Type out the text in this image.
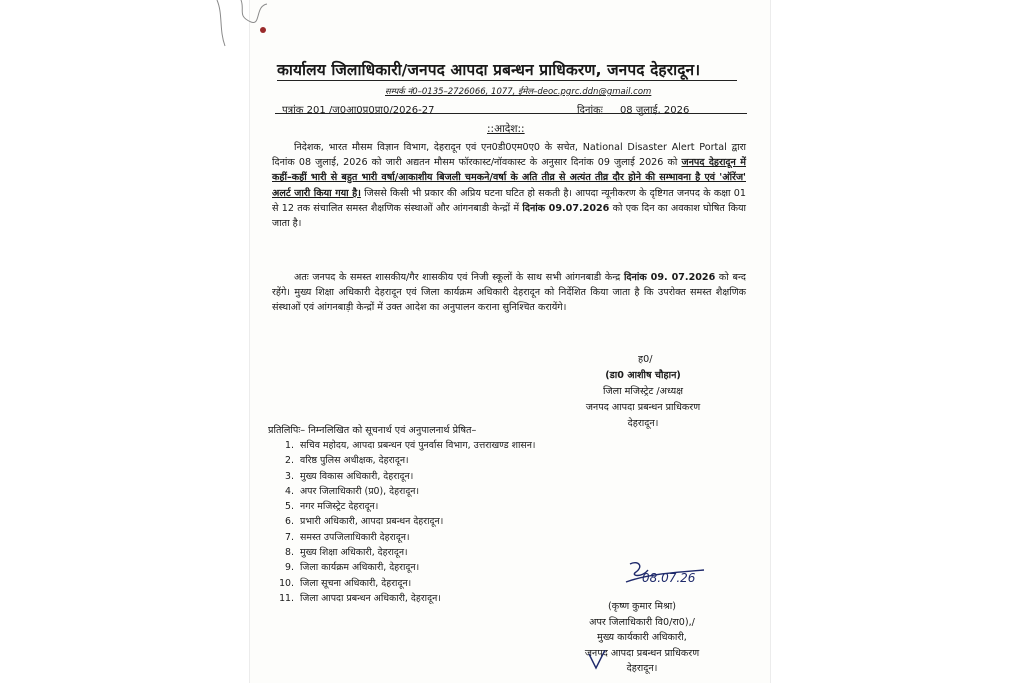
कार्यालय जिलाधिकारी/जनपद आपदा प्रबन्धन प्राधिकरण, जनपद देहरादून।
सम्पर्क नं0–0135–2726066, 1077, ईमेल–deoc.pgrc.ddn@gmail.com
पत्रांक 201 /ज0आ0प्र0प्रा0/2026-27	दिनांकः 08 जुलाई, 2026
::आदेश::
निदेशक, भारत मौसम विज्ञान विभाग, देहरादून एवं एन0डी0एम0ए0 के सचेत, National Disaster Alert Portal द्वारा दिनांक 08 जुलाई, 2026 को जारी अद्यतन मौसम फॉरकास्ट/नॉवकास्ट के अनुसार दिनांक 09 जुलाई 2026 को जनपद देहरादून में कहीं–कहीं भारी से बहुत भारी वर्षा/आकाशीय बिजली चमकने/वर्षा के अति तीव्र से अत्यंत तीव्र दौर होने की सम्भावना है एवं 'ऑरेंज' अलर्ट जारी किया गया है। जिससे किसी भी प्रकार की अप्रिय घटना घटित हो सकती है। आपदा न्यूनीकरण के दृष्टिगत जनपद के कक्षा 01 से 12 तक संचालित समस्त शैक्षणिक संस्थाओं और आंगनबाडी केन्द्रों में दिनांक 09.07.2026 को एक दिन का अवकाश घोषित किया जाता है।
अतः जनपद के समस्त शासकीय/गैर शासकीय एवं निजी स्कूलों के साथ सभी आंगनबाडी केन्द्र दिनांक 09. 07.2026 को बन्द रहेंगे। मुख्य शिक्षा अधिकारी देहरादून एवं जिला कार्यक्रम अधिकारी देहरादून को निर्देशित किया जाता है कि उपरोक्त समस्त शैक्षणिक संस्थाओं एवं आंगनबाड़ी केन्द्रों में उक्त आदेश का अनुपालन कराना सुनिश्चित करायेंगे।
ह0/
(डा0 आशीष चौहान)
जिला मजिस्ट्रेट /अध्यक्ष
जनपद आपदा प्रबन्धन प्राधिकरण
देहरादून।
प्रतिलिपिः– निम्नलिखित को सूचनार्थ एवं अनुपालनार्थ प्रेषित–
1. सचिव महोदय, आपदा प्रबन्धन एवं पुनर्वास विभाग, उत्तराखण्ड शासन।
2. वरिष्ठ पुलिस अधीक्षक, देहरादून।
3. मुख्य विकास अधिकारी, देहरादून।
4. अपर जिलाधिकारी (प्र0), देहरादून।
5. नगर मजिस्ट्रेट देहरादून।
6. प्रभारी अधिकारी, आपदा प्रबन्धन देहरादून।
7. समस्त उपजिलाधिकारी देहरादून।
8. मुख्य शिक्षा अधिकारी, देहरादून।
9. जिला कार्यक्रम अधिकारी, देहरादून।
10. जिला सूचना अधिकारी, देहरादून।
11. जिला आपदा प्रबन्धन अधिकारी, देहरादून।
08.07.26
(कृष्ण कुमार मिश्रा)
अपर जिलाधिकारी वि0/रा0),/
मुख्य कार्यकारी अधिकारी,
जनपद आपदा प्रबन्धन प्राधिकरण
देहरादून।
